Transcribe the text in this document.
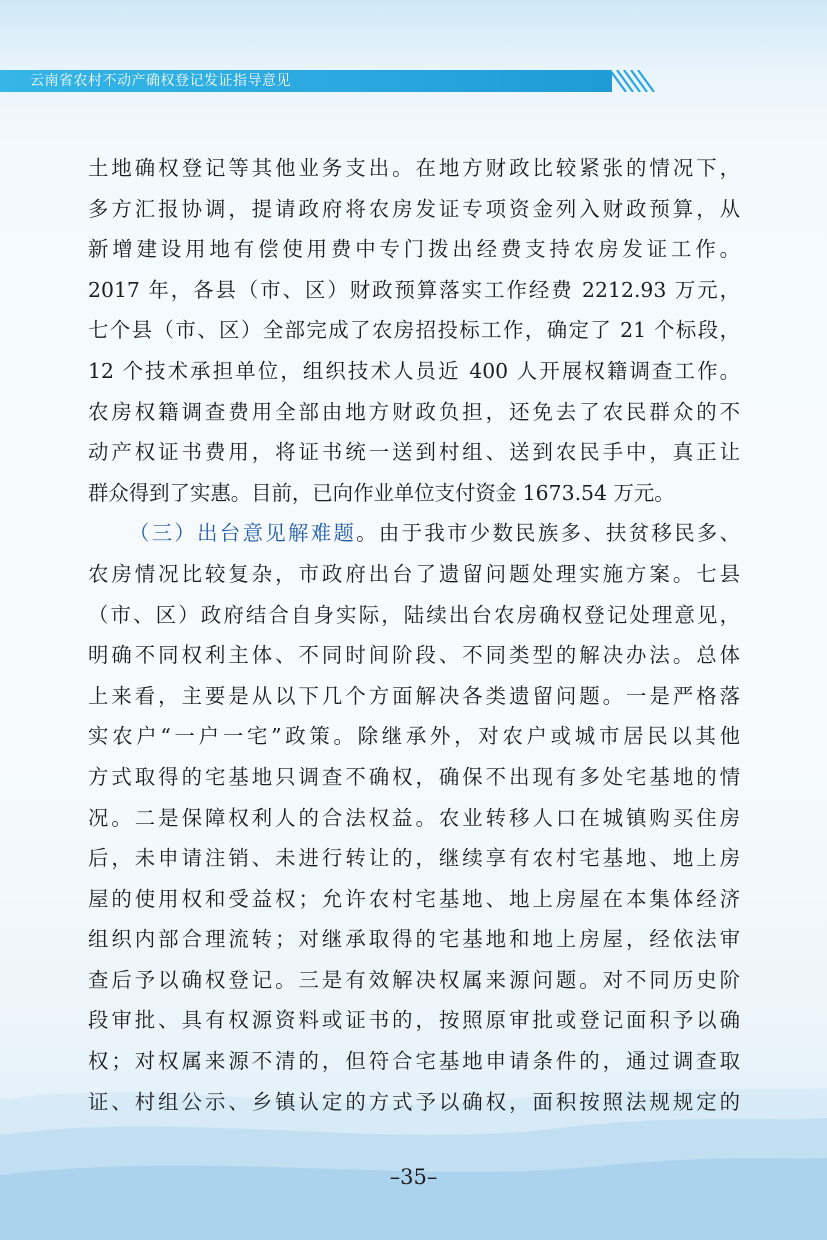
云南省农村不动产确权登记发证指导意见

土地确权登记等其他业务支出。在地方财政比较紧张的情况下，
多方汇报协调，提请政府将农房发证专项资金列入财政预算，从
新增建设用地有偿使用费中专门拨出经费支持农房发证工作。
2017 年，各县（市、区）财政预算落实工作经费 2212.93 万元，
七个县（市、区）全部完成了农房招投标工作，确定了 21 个标段，
12 个技术承担单位，组织技术人员近 400 人开展权籍调查工作。
农房权籍调查费用全部由地方财政负担，还免去了农民群众的不
动产权证书费用，将证书统一送到村组、送到农民手中，真正让
群众得到了实惠。目前，已向作业单位支付资金 1673.54 万元。

（三）出台意见解难题。由于我市少数民族多、扶贫移民多、
农房情况比较复杂，市政府出台了遗留问题处理实施方案。七县
（市、区）政府结合自身实际，陆续出台农房确权登记处理意见，
明确不同权利主体、不同时间阶段、不同类型的解决办法。总体
上来看，主要是从以下几个方面解决各类遗留问题。一是严格落
实农户“一户一宅”政策。除继承外，对农户或城市居民以其他
方式取得的宅基地只调查不确权，确保不出现有多处宅基地的情
况。二是保障权利人的合法权益。农业转移人口在城镇购买住房
后，未申请注销、未进行转让的，继续享有农村宅基地、地上房
屋的使用权和受益权；允许农村宅基地、地上房屋在本集体经济
组织内部合理流转；对继承取得的宅基地和地上房屋，经依法审
查后予以确权登记。三是有效解决权属来源问题。对不同历史阶
段审批、具有权源资料或证书的，按照原审批或登记面积予以确
权；对权属来源不清的，但符合宅基地申请条件的，通过调查取
证、村组公示、乡镇认定的方式予以确权，面积按照法规规定的

–35–
